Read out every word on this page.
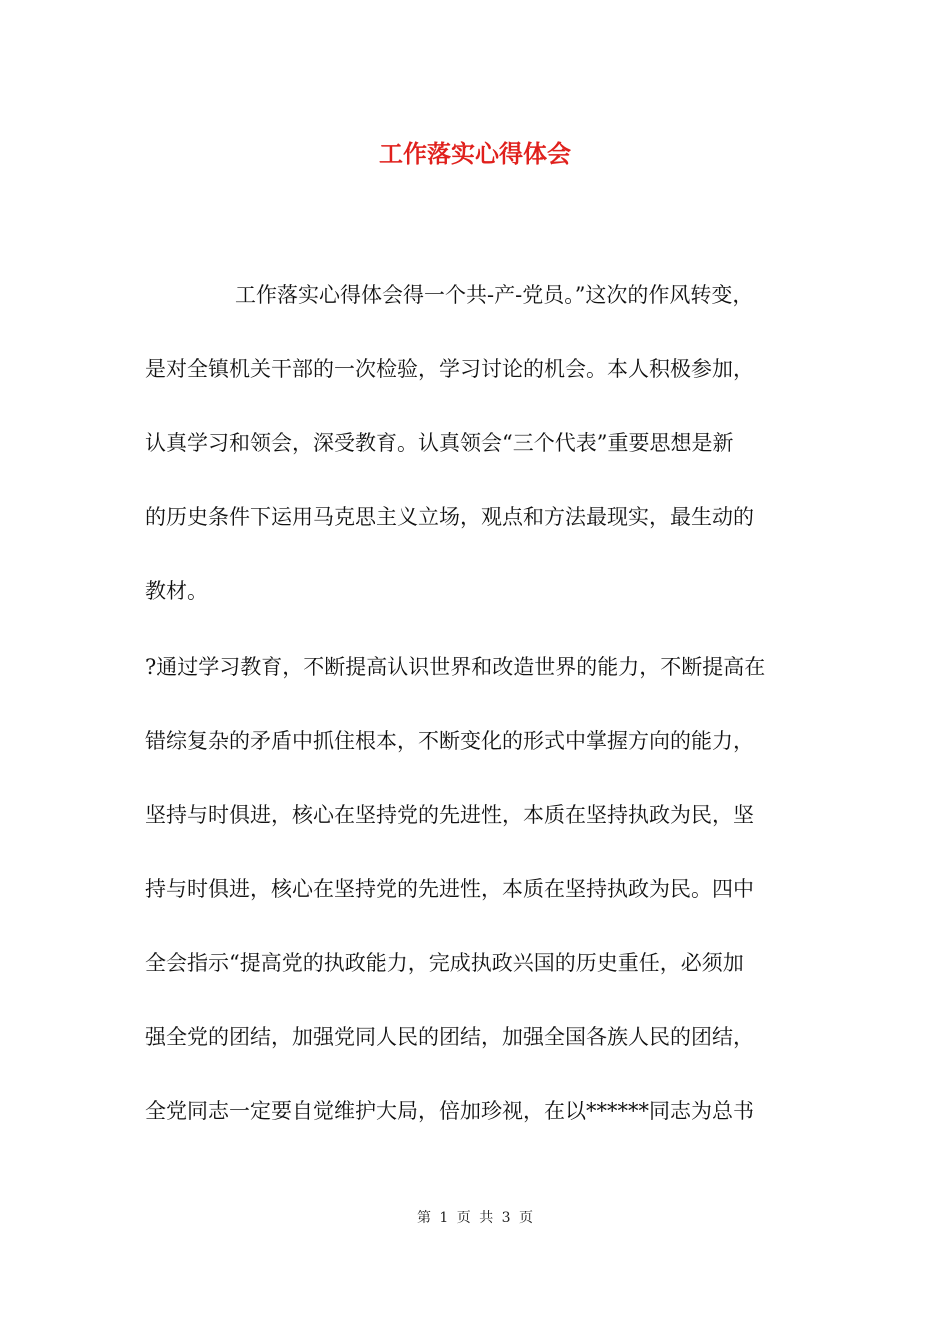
工作落实心得体会

工作落实心得体会得一个共-产-党员。”这次的作风转变，

是对全镇机关干部的一次检验，学习讨论的机会。本人积极参加，

认真学习和领会，深受教育。认真领会“三个代表”重要思想是新

的历史条件下运用马克思主义立场，观点和方法最现实，最生动的

教材。

?通过学习教育，不断提高认识世界和改造世界的能力，不断提高在

错综复杂的矛盾中抓住根本，不断变化的形式中掌握方向的能力，

坚持与时俱进，核心在坚持党的先进性，本质在坚持执政为民，坚

持与时俱进，核心在坚持党的先进性，本质在坚持执政为民。四中

全会指示“提高党的执政能力，完成执政兴国的历史重任，必须加

强全党的团结，加强党同人民的团结，加强全国各族人民的团结，

全党同志一定要自觉维护大局，倍加珍视，在以******同志为总书

第 1 页 共 3 页
